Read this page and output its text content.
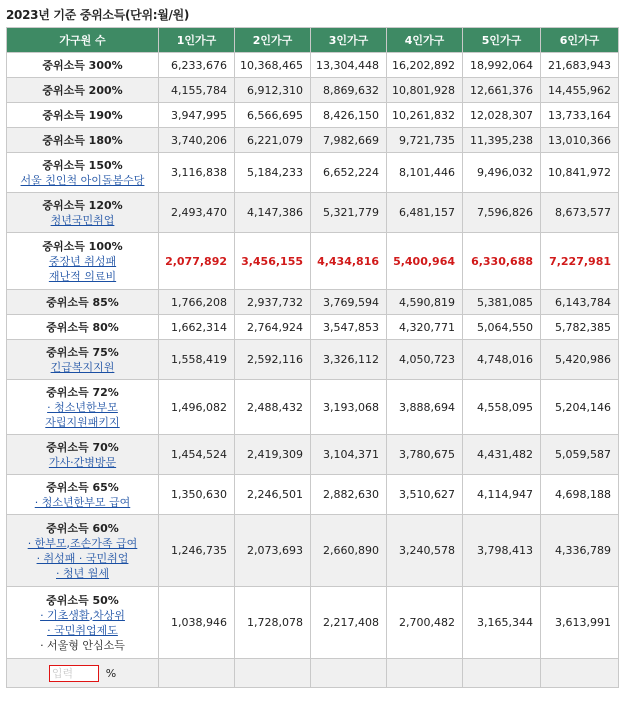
2023년 기준 중위소득(단위:월/원)
가구원 수	1인가구	2인가구	3인가구	4인가구	5인가구	6인가구

중위소득 300%	6,233,676	10,368,465	13,304,448	16,202,892	18,992,064	21,683,943

중위소득 200%	4,155,784	6,912,310	8,869,632	10,801,928	12,661,376	14,455,962

중위소득 190%	3,947,995	6,566,695	8,426,150	10,261,832	12,028,307	13,733,164

중위소득 180%	3,740,206	6,221,079	7,982,669	9,721,735	11,395,238	13,010,366

중위소득 150%
서울 친인척 아이돌봄수당	3,116,838	5,184,233	6,652,224	8,101,446	9,496,032	10,841,972

중위소득 120%
청년국민취업	2,493,470	4,147,386	5,321,779	6,481,157	7,596,826	8,673,577

중위소득 100%
중장년 취성패
재난적 의료비	2,077,892	3,456,155	4,434,816	5,400,964	6,330,688	7,227,981

중위소득 85%	1,766,208	2,937,732	3,769,594	4,590,819	5,381,085	6,143,784

중위소득 80%	1,662,314	2,764,924	3,547,853	4,320,771	5,064,550	5,782,385

중위소득 75%
긴급복지지원	1,558,419	2,592,116	3,326,112	4,050,723	4,748,016	5,420,986

중위소득 72%
· 청소년한부모
자립지원패키지	1,496,082	2,488,432	3,193,068	3,888,694	4,558,095	5,204,146

중위소득 70%
가사·간병방문	1,454,524	2,419,309	3,104,371	3,780,675	4,431,482	5,059,587

중위소득 65%
· 청소년한부모 급여	1,350,630	2,246,501	2,882,630	3,510,627	4,114,947	4,698,188

중위소득 60%
· 한부모,조손가족 급여
· 취성패 · 국민취업
· 청년 월세	1,246,735	2,073,693	2,660,890	3,240,578	3,798,413	4,336,789

중위소득 50%
· 기초생활,차상위
· 국민취업제도
· 서울형 안심소득	1,038,946	1,728,078	2,217,408	2,700,482	3,165,344	3,613,991
입력 %						
